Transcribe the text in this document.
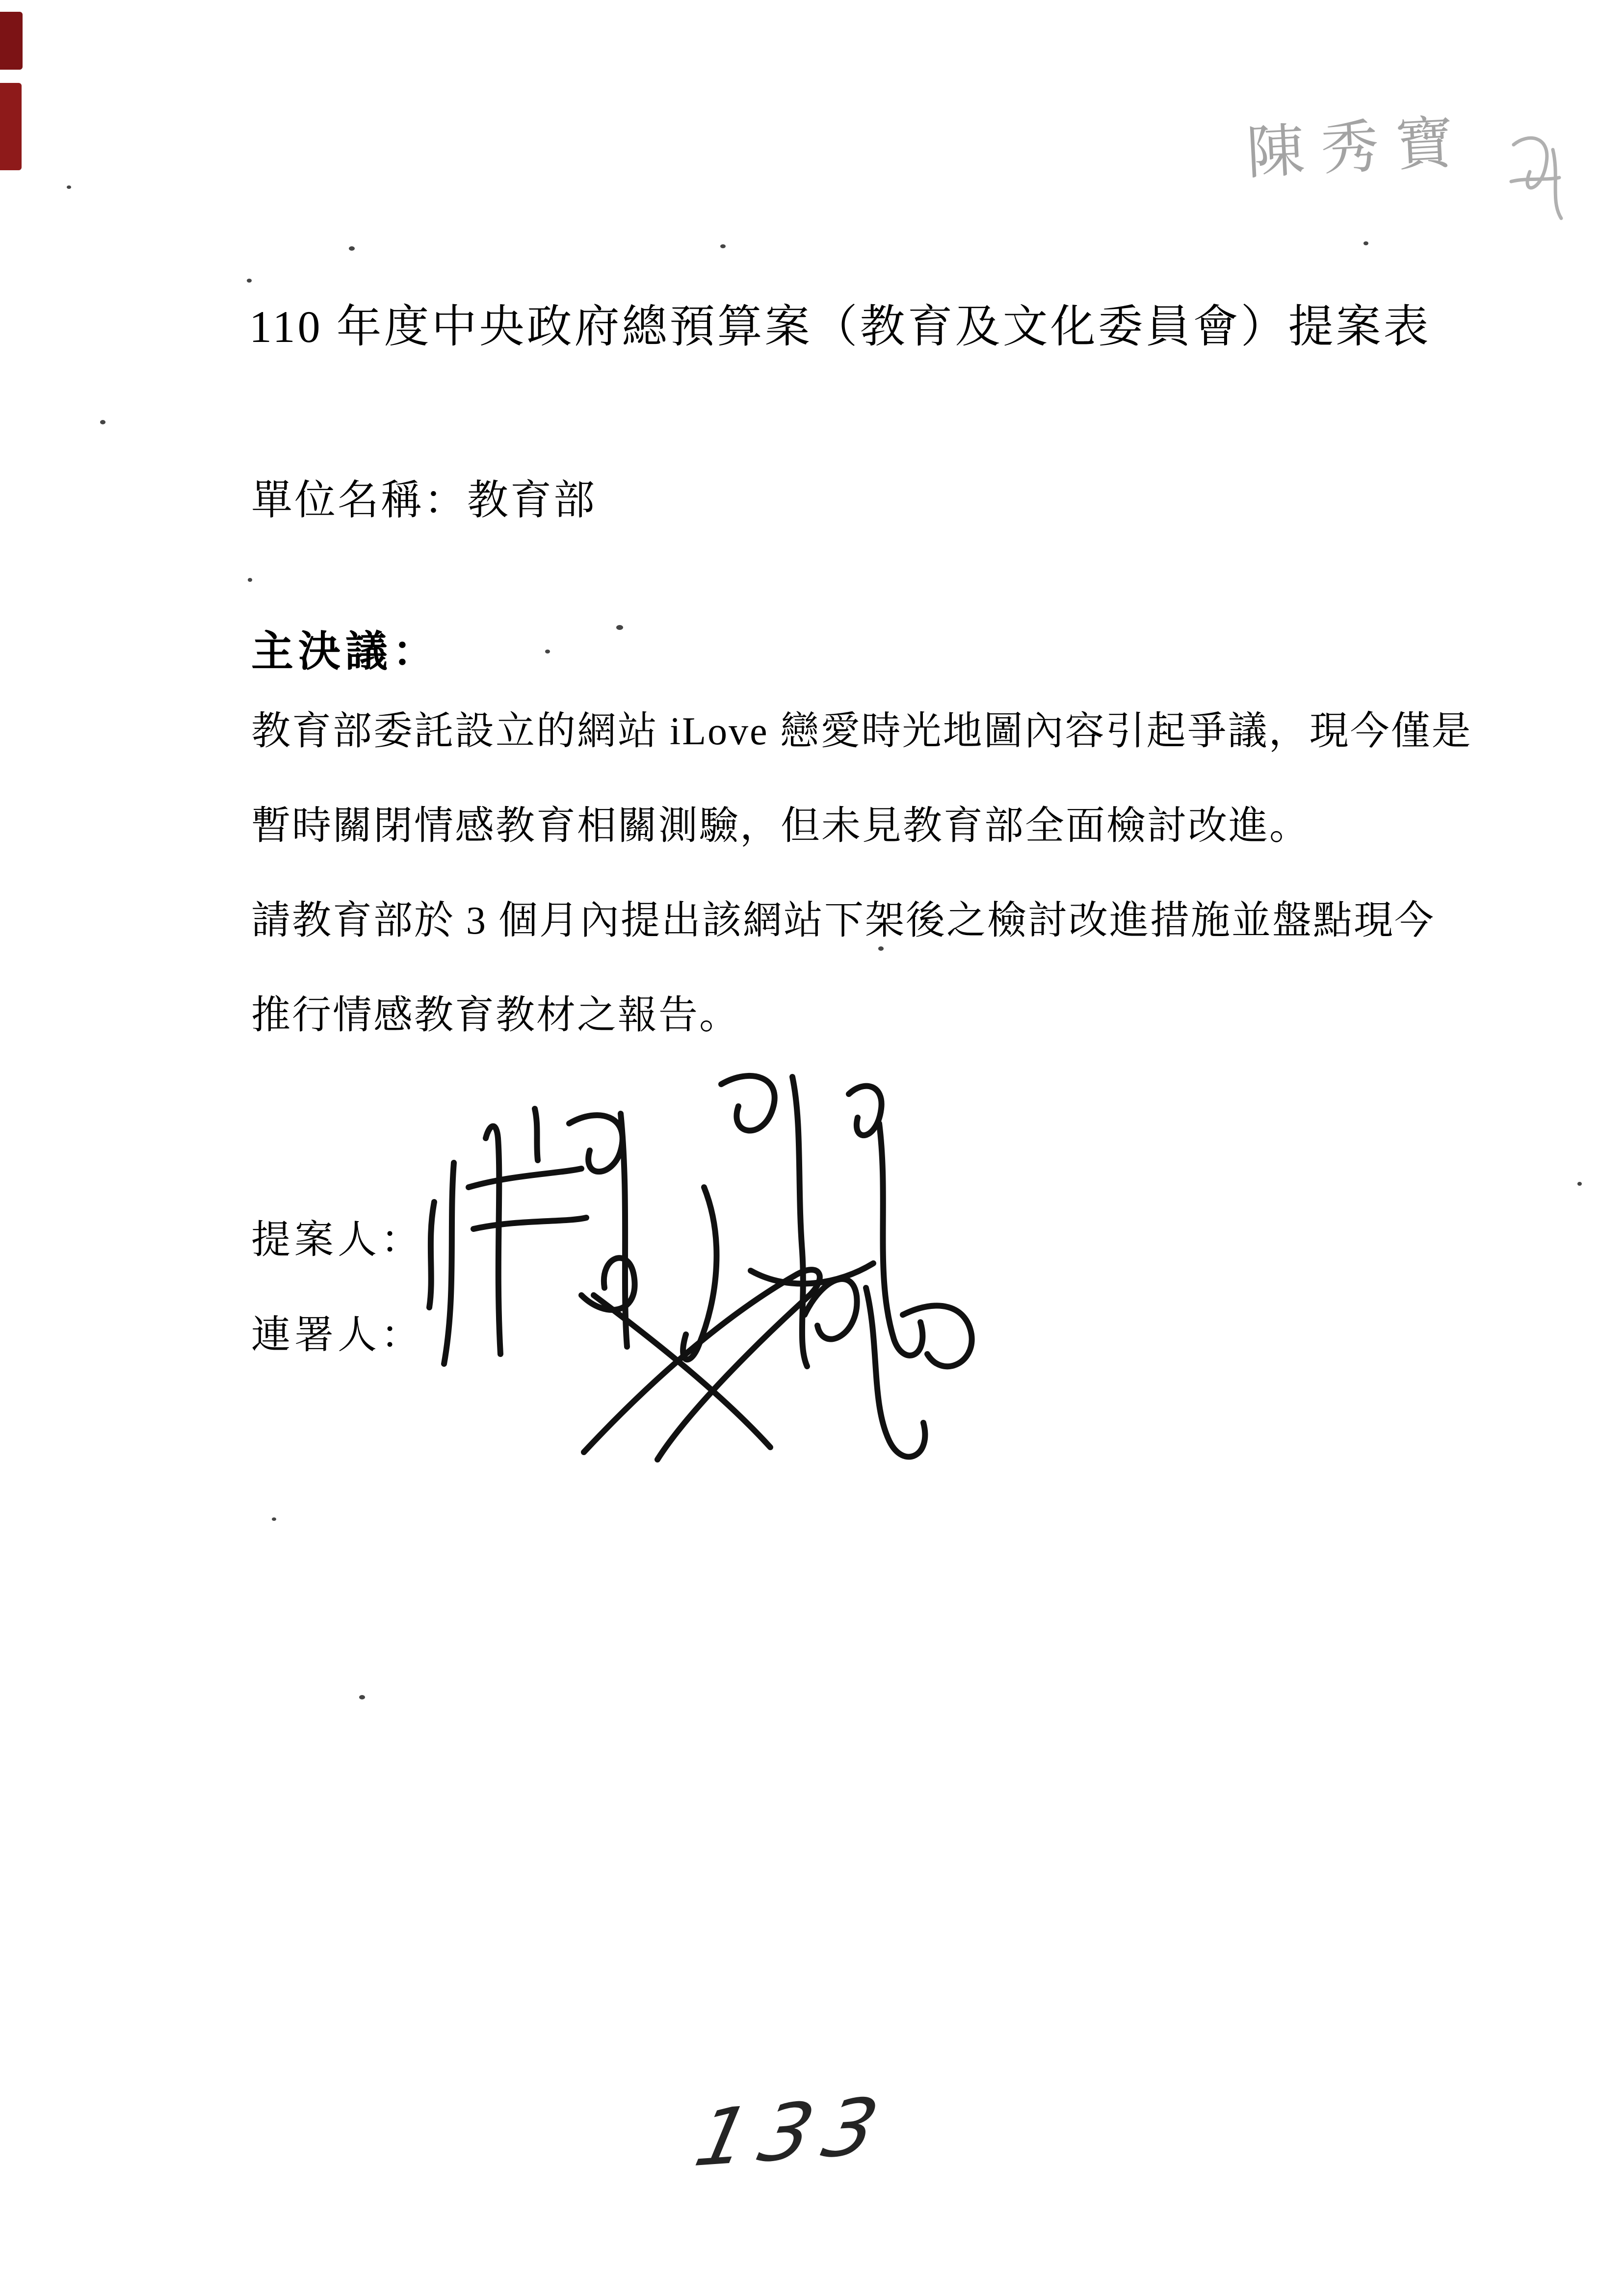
陳秀寶
110 年度中央政府總預算案（教育及文化委員會）提案表
單位名稱：教育部
主決議：
教育部委託設立的網站 iLove 戀愛時光地圖內容引起爭議，現今僅是
暫時關閉情感教育相關測驗，但未見教育部全面檢討改進。
請教育部於 3 個月內提出該網站下架後之檢討改進措施並盤點現今
推行情感教育教材之報告。
提案人：
連署人：
133
